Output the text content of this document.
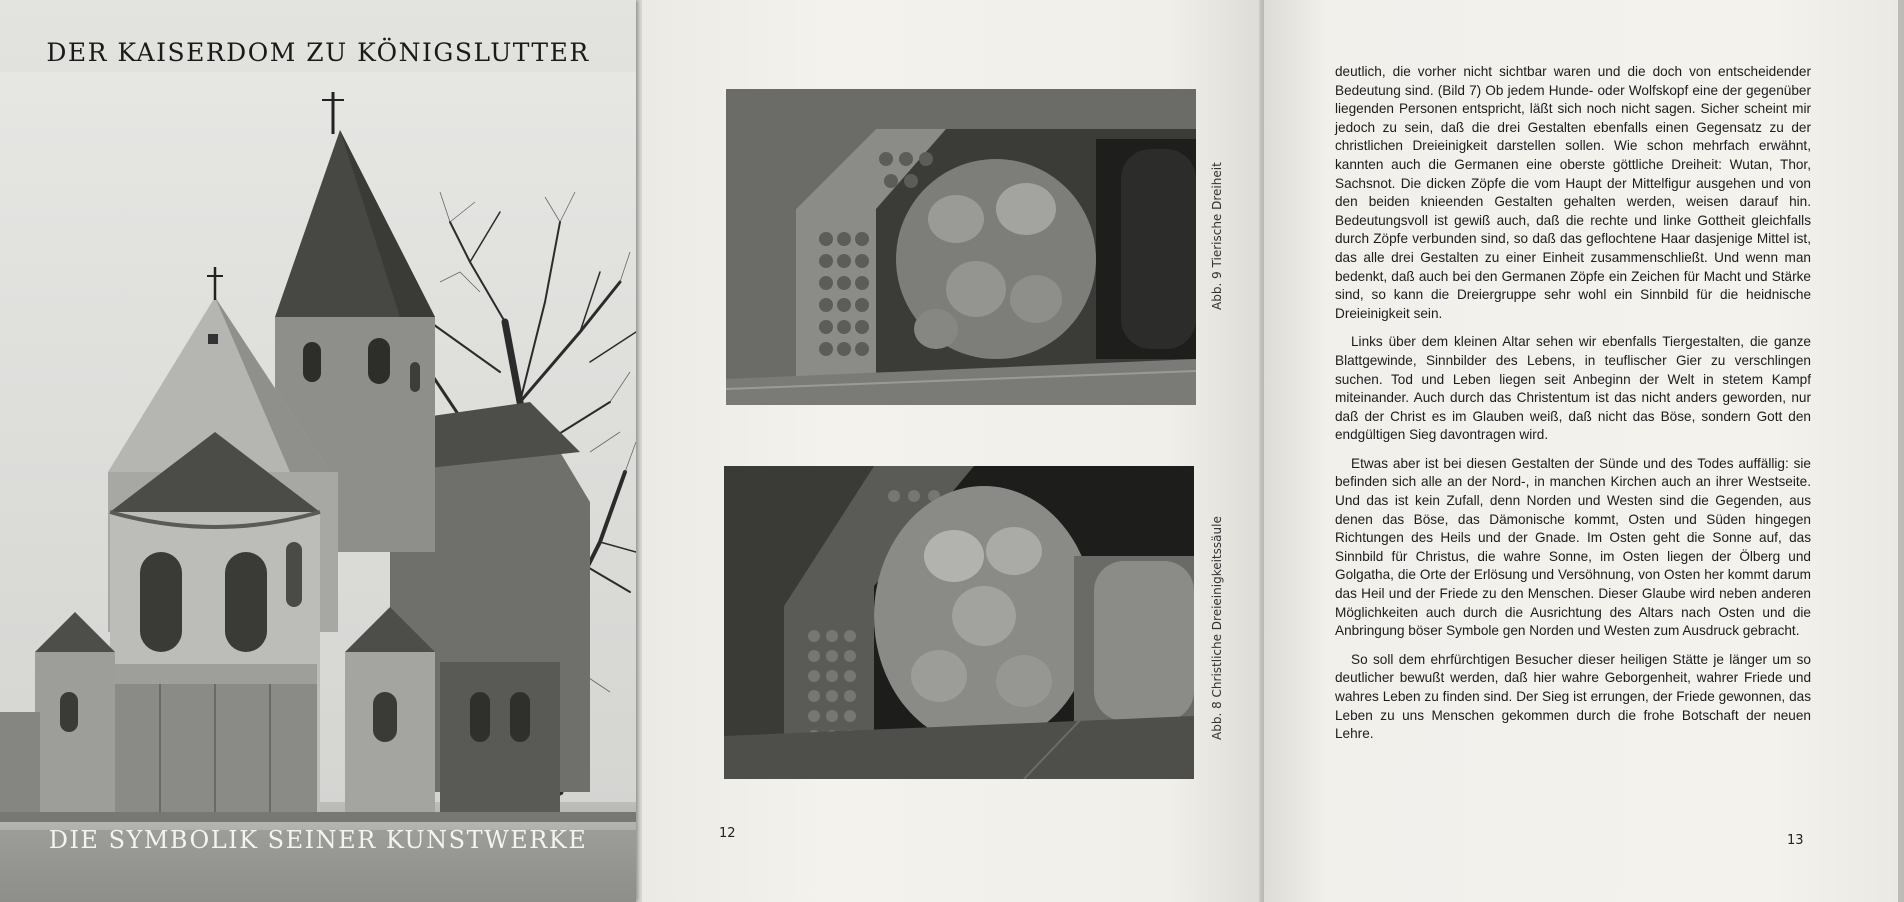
DER KAISERDOM ZU KÖNIGSLUTTER
DIE SYMBOLIK SEINER KUNSTWERKE
Abb. 9 Tierische Dreiheit
Abb. 8 Christliche Dreieinigkeitssäule
12

deutlich, die vorher nicht sichtbar waren und die doch von entscheidender Bedeutung sind. (Bild 7) Ob jedem Hunde- oder Wolfskopf eine der gegenüber liegenden Personen entspricht, läßt sich noch nicht sagen. Sicher scheint mir jedoch zu sein, daß die drei Gestalten ebenfalls einen Gegensatz zu der christlichen Dreieinigkeit darstellen sollen. Wie schon mehrfach erwähnt, kannten auch die Germanen eine oberste göttliche Dreiheit: Wutan, Thor, Sachsnot. Die dicken Zöpfe die vom Haupt der Mittelfigur ausgehen und von den beiden knieenden Gestalten gehalten werden, weisen darauf hin. Bedeutungsvoll ist gewiß auch, daß die rechte und linke Gottheit gleichfalls durch Zöpfe verbunden sind, so daß das geflochtene Haar dasjenige Mittel ist, das alle drei Gestalten zu einer Einheit zusammenschließt. Und wenn man bedenkt, daß auch bei den Germanen Zöpfe ein Zeichen für Macht und Stärke sind, so kann die Dreiergruppe sehr wohl ein Sinnbild für die heidnische Dreieinigkeit sein.

Links über dem kleinen Altar sehen wir ebenfalls Tiergestalten, die ganze Blattgewinde, Sinnbilder des Lebens, in teuflischer Gier zu verschlingen suchen. Tod und Leben liegen seit Anbeginn der Welt in stetem Kampf miteinander. Auch durch das Christentum ist das nicht anders geworden, nur daß der Christ es im Glauben weiß, daß nicht das Böse, sondern Gott den endgültigen Sieg davontragen wird.

Etwas aber ist bei diesen Gestalten der Sünde und des Todes auffällig: sie befinden sich alle an der Nord-, in manchen Kirchen auch an ihrer Westseite. Und das ist kein Zufall, denn Norden und Westen sind die Gegenden, aus denen das Böse, das Dämonische kommt, Osten und Süden hingegen Richtungen des Heils und der Gnade. Im Osten geht die Sonne auf, das Sinnbild für Christus, die wahre Sonne, im Osten liegen der Ölberg und Golgatha, die Orte der Erlösung und Versöhnung, von Osten her kommt darum das Heil und der Friede zu den Menschen. Dieser Glaube wird neben anderen Möglichkeiten auch durch die Ausrichtung des Altars nach Osten und die Anbringung böser Symbole gen Norden und Westen zum Ausdruck gebracht.

So soll dem ehrfürchtigen Besucher dieser heiligen Stätte je länger um so deutlicher bewußt werden, daß hier wahre Geborgenheit, wahrer Friede und wahres Leben zu finden sind. Der Sieg ist errungen, der Friede gewonnen, das Leben zu uns Menschen gekommen durch die frohe Botschaft der neuen Lehre.

13
